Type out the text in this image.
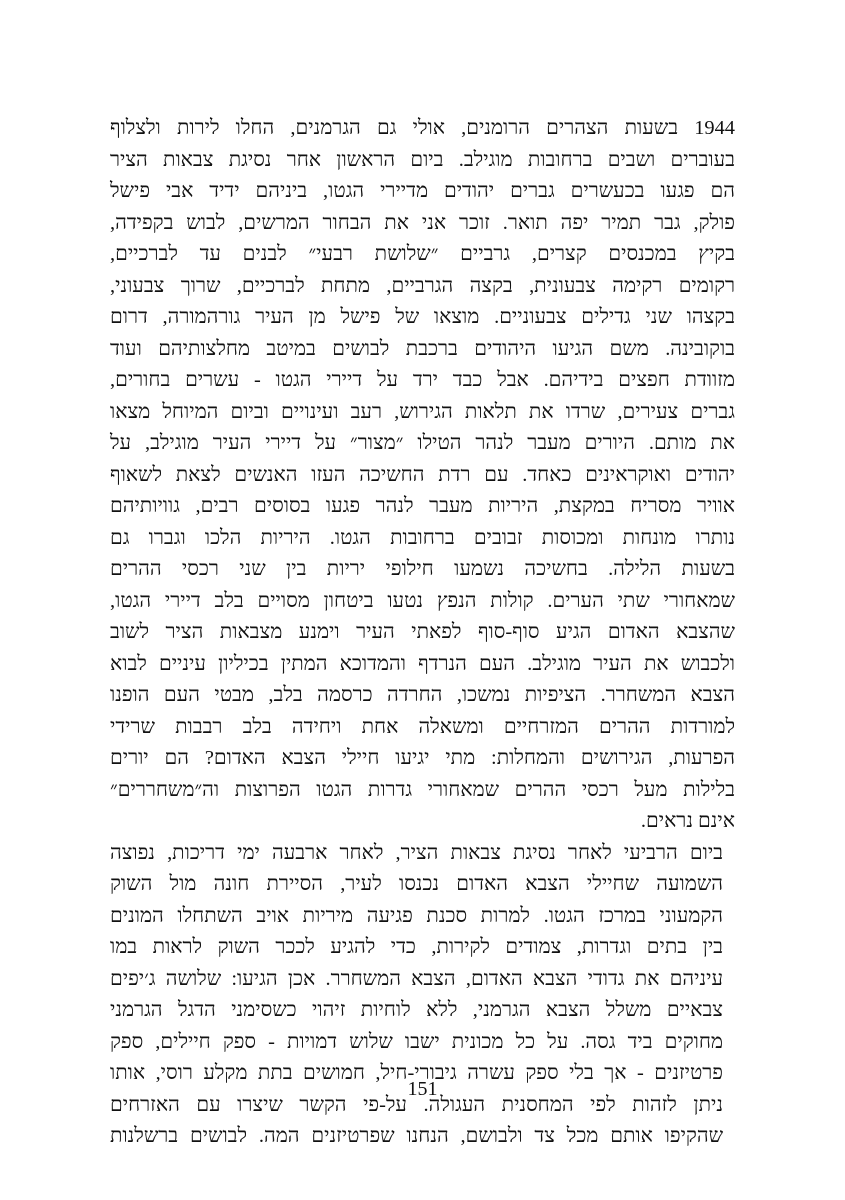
1944 בשעות הצהרים הרומנים, אולי גם הגרמנים, החלו לירות ולצלוף
בעוברים ושבים ברחובות מוגילב. ביום הראשון אחר נסיגת צבאות הציר
הם פגעו בכעשרים גברים יהודים מדיירי הגטו, ביניהם ידיד אבי פישל
פולק, גבר תמיר יפה תואר. זוכר אני את הבחור המרשים, לבוש בקפידה,
בקיץ במכנסים קצרים, גרביים ״שלושת רבעי״ לבנים עד לברכיים,
רקומים רקימה צבעונית, בקצה הגרביים, מתחת לברכיים, שרוך צבעוני,
בקצהו שני גדילים צבעוניים. מוצאו של פישל מן העיר גורהמורה, דרום
בוקובינה. משם הגיעו היהודים ברכבת לבושים במיטב מחלצותיהם ועוד
מזוודת חפצים בידיהם. אבל כבד ירד על דיירי הגטו - עשרים בחורים,
גברים צעירים, שרדו את תלאות הגירוש, רעב ועינויים וביום המיוחל מצאו
את מותם. היורים מעבר לנהר הטילו ״מצור״ על דיירי העיר מוגילב, על
יהודים ואוקראינים כאחד. עם רדת החשיכה העזו האנשים לצאת לשאוף
אוויר מסריח במקצת, היריות מעבר לנהר פגעו בסוסים רבים, גוויותיהם
נותרו מונחות ומכוסות זבובים ברחובות הגטו. היריות הלכו וגברו גם
בשעות הלילה. בחשיכה נשמעו חילופי יריות בין שני רכסי ההרים
שמאחורי שתי הערים. קולות הנפץ נטעו ביטחון מסויים בלב דיירי הגטו,
שהצבא האדום הגיע סוף-סוף לפאתי העיר וימנע מצבאות הציר לשוב
ולכבוש את העיר מוגילב. העם הנרדף והמדוכא המתין בכיליון עיניים לבוא
הצבא המשחרר. הציפיות נמשכו, החרדה כרסמה בלב, מבטי העם הופנו
למורדות ההרים המזרחיים ומשאלה אחת ויחידה בלב רבבות שרידי
הפרעות, הגירושים והמחלות: מתי יגיעו חיילי הצבא האדום? הם יורים
בלילות מעל רכסי ההרים שמאחורי גדרות הגטו הפרוצות וה״משחררים״
אינם נראים.

ביום הרביעי לאחר נסיגת צבאות הציר, לאחר ארבעה ימי דריכות, נפוצה
השמועה שחיילי הצבא האדום נכנסו לעיר, הסיירת חונה מול השוק
הקמעוני במרכז הגטו. למרות סכנת פגיעה מיריות אויב השתחלו המונים
בין בתים וגדרות, צמודים לקירות, כדי להגיע לככר השוק לראות במו
עיניהם את גדודי הצבא האדום, הצבא המשחרר. אכן הגיעו: שלושה ג׳יפים
צבאיים משלל הצבא הגרמני, ללא לוחיות זיהוי כשסימני הדגל הגרמני
מחוקים ביד גסה. על כל מכונית ישבו שלוש דמויות - ספק חיילים, ספק
פרטיזנים - אך בלי ספק עשרה גיבורי-חיל, חמושים בתת מקלע רוסי, אותו
ניתן לזהות לפי המחסנית העגולה. על-פי הקשר שיצרו עם האזרחים
שהקיפו אותם מכל צד ולבושם, הנחנו שפרטיזנים המה. לבושים ברשלנות

151
